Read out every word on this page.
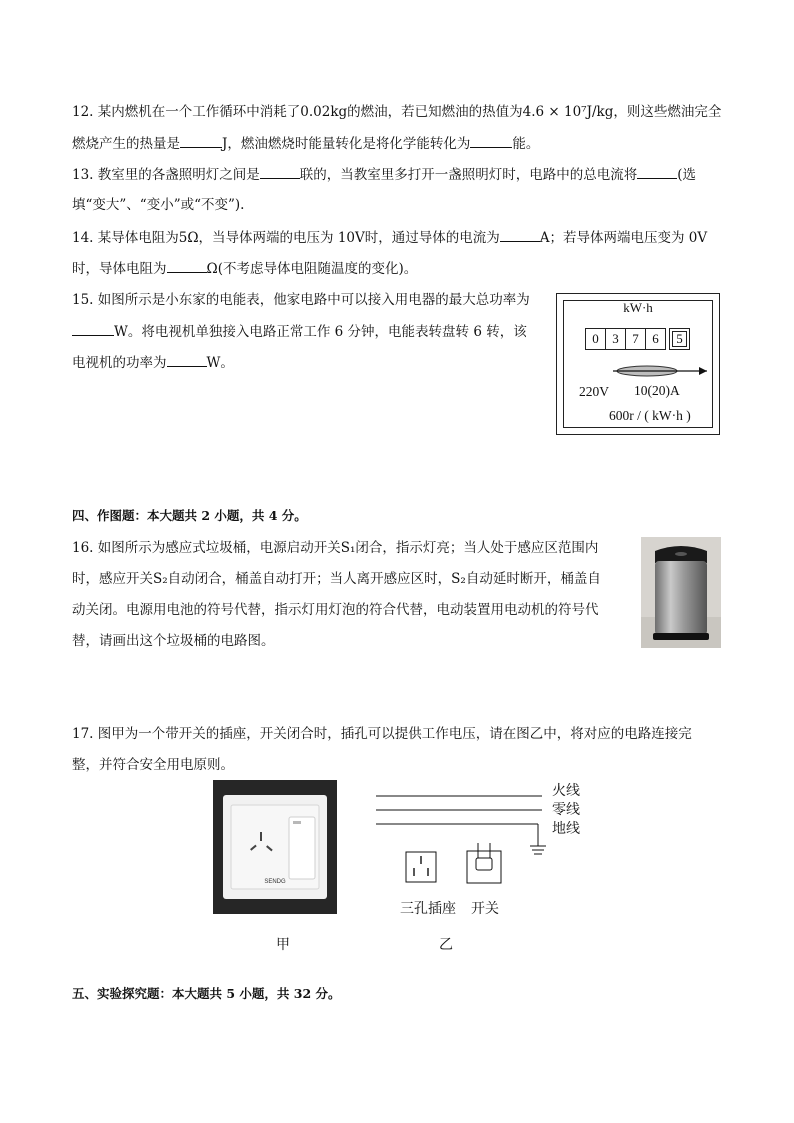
12. 某内燃机在一个工作循环中消耗了0.02kg的燃油，若已知燃油的热值为4.6 × 10⁷J/kg，则这些燃油完全
燃烧产生的热量是	J，燃油燃烧时能量转化是将化学能转化为	能。
13. 教室里的各盏照明灯之间是	联的，当教室里多打开一盏照明灯时，电路中的总电流将	(选
填“变大”、“变小”或“不变”).
14. 某导体电阻为5Ω，当导体两端的电压为 10V时，通过导体的电流为	A；若导体两端电压变为 0V
时，导体电阻为	Ω(不考虑导体电阻随温度的变化)。
15. 如图所示是小东家的电能表，他家电路中可以接入用电器的最大总功率为
W。将电视机单独接入电路正常工作 6 分钟，电能表转盘转 6 转，该
电视机的功率为	W。
kW·h
0	3	7	6	5
220V 10(20)A
600r / ( kW·h )
四、作图题：本大题共 2 小题，共 4 分。
16. 如图所示为感应式垃圾桶，电源启动开关S₁闭合，指示灯亮；当人处于感应区范围内
时，感应开关S₂自动闭合，桶盖自动打开；当人离开感应区时，S₂自动延时断开，桶盖自
动关闭。电源用电池的符号代替，指示灯用灯泡的符合代替，电动装置用电动机的符号代
替，请画出这个垃圾桶的电路图。
17. 图甲为一个带开关的插座，开关闭合时，插孔可以提供工作电压，请在图乙中，将对应的电路连接完
整，并符合安全用电原则。
SENDG
火线
零线
地线
三孔插座 开关
甲	乙
五、实验探究题：本大题共 5 小题，共 32 分。
